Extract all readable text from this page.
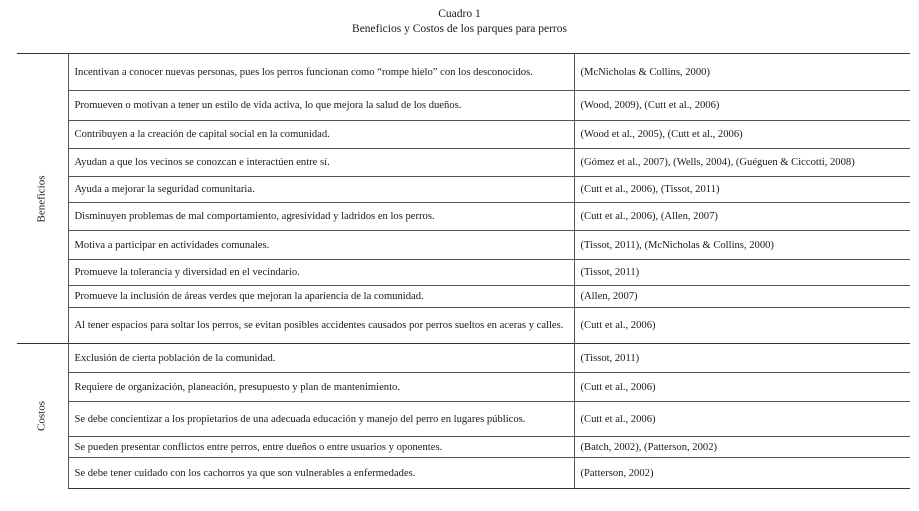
Cuadro 1
Beneficios y Costos de los parques para perros
Beneficios	Incentivan a conocer nuevas personas, pues los perros funcionan como “rompe hielo” con los desconocidos.	(McNicholas & Collins, 2000)
	Promueven o motivan a tener un estilo de vida activa, lo que mejora la salud de los dueños.	(Wood, 2009), (Cutt et al., 2006)
	Contribuyen a la creación de capital social en la comunidad.	(Wood et al., 2005), (Cutt et al., 2006)
	Ayudan a que los vecinos se conozcan e interactúen entre sí.	(Gómez et al., 2007), (Wells, 2004), (Guéguen & Ciccotti, 2008)
	Ayuda a mejorar la seguridad comunitaria.	(Cutt et al., 2006), (Tissot, 2011)
	Disminuyen problemas de mal comportamiento, agresividad y ladridos en los perros.	(Cutt et al., 2006), (Allen, 2007)
	Motiva a participar en actividades comunales.	(Tissot, 2011), (McNicholas & Collins, 2000)
	Promueve la tolerancia y diversidad en el vecindario.	(Tissot, 2011)
	Promueve la inclusión de áreas verdes que mejoran la apariencia de la comunidad.	(Allen, 2007)
	Al tener espacios para soltar los perros, se evitan posibles accidentes causados por perros sueltos en aceras y calles.	(Cutt et al., 2006)

Costos	Exclusión de cierta población de la comunidad.	(Tissot, 2011)
	Requiere de organización, planeación, presupuesto y plan de mantenimiento.	(Cutt et al., 2006)
	Se debe concientizar a los propietarios de una adecuada educación y manejo del perro en lugares públicos.	(Cutt et al., 2006)
	Se pueden presentar conflictos entre perros, entre dueños o entre usuarios y oponentes.	(Batch, 2002), (Patterson, 2002)
	Se debe tener cuidado con los cachorros ya que son vulnerables a enfermedades.	(Patterson, 2002)
